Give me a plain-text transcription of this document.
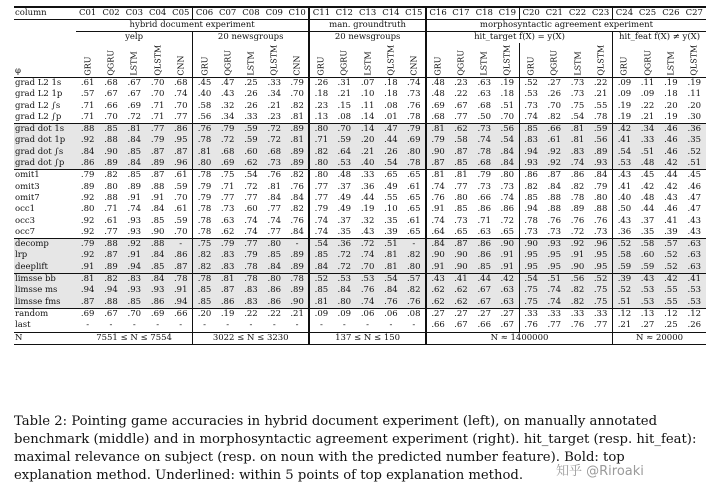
column	C01	C02	C03	C04	C05	C06	C07	C08	C09	C10	C11	C12	C13	C14	C15	C16	C17	C18	C19	C20	C21	C22	C23	C24	C25	C26	C27
	hybrid document experiment										man. groundtruth					morphosyntactic agreement experiment											
	yelp					20 newsgroups					20 newsgroups					hit_target f(X) = y(X)								hit_feat f(X) ≠ y(X)			
φ	GRU	QGRU	LSTM	QLSTM	CNN	GRU	QGRU	LSTM	QLSTM	CNN	GRU	QGRU	LSTM	QLSTM	CNN	GRU	QGRU	LSTM	QLSTM	GRU	QGRU	LSTM	QLSTM	GRU	QGRU	LSTM	QLSTM
grad L2 1s	.61	.68	.67	.70	.68	.45	.47	.25	.33	.79	.26	.31	.07	.18	.74	.48	.23	.63	.19	.52	.27	.73	.22	.09	.11	.19	.19
grad L2 1p	.57	.67	.67	.70	.74	.40	.43	.26	.34	.70	.18	.21	.10	.18	.73	.48	.22	.63	.18	.53	.26	.73	.21	.09	.09	.18	.11
grad L2 ∫s	.71	.66	.69	.71	.70	.58	.32	.26	.21	.82	.23	.15	.11	.08	.76	.69	.67	.68	.51	.73	.70	.75	.55	.19	.22	.20	.20
grad L2 ∫p	.71	.70	.72	.71	.77	.56	.34	.33	.23	.81	.13	.08	.14	.01	.78	.68	.77	.50	.70	.74	.82	.54	.78	.19	.21	.19	.30
grad dot 1s	.88	.85	.81	.77	.86	.76	.79	.59	.72	.89	.80	.70	.14	.47	.79	.81	.62	.73	.56	.85	.66	.81	.59	.42	.34	.46	.36
grad dot 1p	.92	.88	.84	.79	.95	.78	.72	.59	.72	.81	.71	.59	.20	.44	.69	.79	.58	.74	.54	.83	.61	.81	.56	.41	.33	.46	.35
grad dot ∫s	.84	.90	.85	.87	.87	.81	.68	.60	.68	.89	.82	.64	.21	.26	.80	.90	.87	.78	.84	.94	.92	.83	.89	.54	.51	.46	.52
grad dot ∫p	.86	.89	.84	.89	.96	.80	.69	.62	.73	.89	.80	.53	.40	.54	.78	.87	.85	.68	.84	.93	.92	.74	.93	.53	.48	.42	.51
omit1	.79	.82	.85	.87	.61	.78	.75	.54	.76	.82	.80	.48	.33	.65	.65	.81	.81	.79	.80	.86	.87	.86	.84	.43	.45	.44	.45
omit3	.89	.80	.89	.88	.59	.79	.71	.72	.81	.76	.77	.37	.36	.49	.61	.74	.77	.73	.73	.82	.84	.82	.79	.41	.42	.42	.46
omit7	.92	.88	.91	.91	.70	.79	.77	.77	.84	.84	.77	.49	.44	.55	.65	.76	.80	.66	.74	.85	.88	.78	.80	.40	.48	.43	.47
occ1	.80	.71	.74	.84	.61	.78	.73	.60	.77	.82	.79	.49	.19	.10	.65	.91	.85	.86	.86	.94	.88	.89	.88	.50	.44	.46	.47
occ3	.92	.61	.93	.85	.59	.78	.63	.74	.74	.76	.74	.37	.32	.35	.61	.74	.73	.71	.72	.78	.76	.76	.76	.43	.37	.41	.43
occ7	.92	.77	.93	.90	.70	.78	.62	.74	.77	.84	.74	.35	.43	.39	.65	.64	.65	.63	.65	.73	.73	.72	.73	.36	.35	.39	.43
decomp	.79	.88	.92	.88	-	.75	.79	.77	.80	-	.54	.36	.72	.51	-	.84	.87	.86	.90	.90	.93	.92	.96	.52	.58	.57	.63
lrp	.92	.87	.91	.84	.86	.82	.83	.79	.85	.89	.85	.72	.74	.81	.82	.90	.90	.86	.91	.95	.95	.91	.95	.58	.60	.52	.63
deeplift	.91	.89	.94	.85	.87	.82	.83	.78	.84	.89	.84	.72	.70	.81	.80	.91	.90	.85	.91	.95	.95	.90	.95	.59	.59	.52	.63
limsse bb	.81	.82	.83	.84	.78	.78	.81	.78	.80	.78	.52	.53	.53	.54	.57	.43	.41	.44	.42	.54	.51	.56	.52	.39	.43	.42	.41
limsse ms	.94	.94	.93	.93	.91	.85	.87	.83	.86	.89	.85	.84	.76	.84	.82	.62	.62	.67	.63	.75	.74	.82	.75	.52	.53	.55	.53
limsse fms	.87	.88	.85	.86	.94	.85	.86	.83	.86	.90	.81	.80	.74	.76	.76	.62	.62	.67	.63	.75	.74	.82	.75	.51	.53	.55	.53
random	.69	.67	.70	.69	.66	.20	.19	.22	.22	.21	.09	.09	.06	.06	.08	.27	.27	.27	.27	.33	.33	.33	.33	.12	.13	.12	.12
last	-	-	-	-	-	-	-	-	-	-	-	-	-	-	-	.66	.67	.66	.67	.76	.77	.76	.77	.21	.27	.25	.26
N	7551 ≤ N ≤ 7554					3022 ≤ N ≤ 3230					137 ≤ N ≤ 150					N ≈ 1400000								N ≈ 20000			
Table 2: Pointing game accuracies in hybrid document experiment (left), on manually annotated benchmark (middle) and in morphosyntactic agreement experiment (right). hit_target (resp. hit_feat): maximal relevance on subject (resp. on noun with the predicted number feature). Bold: top explanation method. Underlined: within 5 points of top explanation method.	知乎 @Riroaki
